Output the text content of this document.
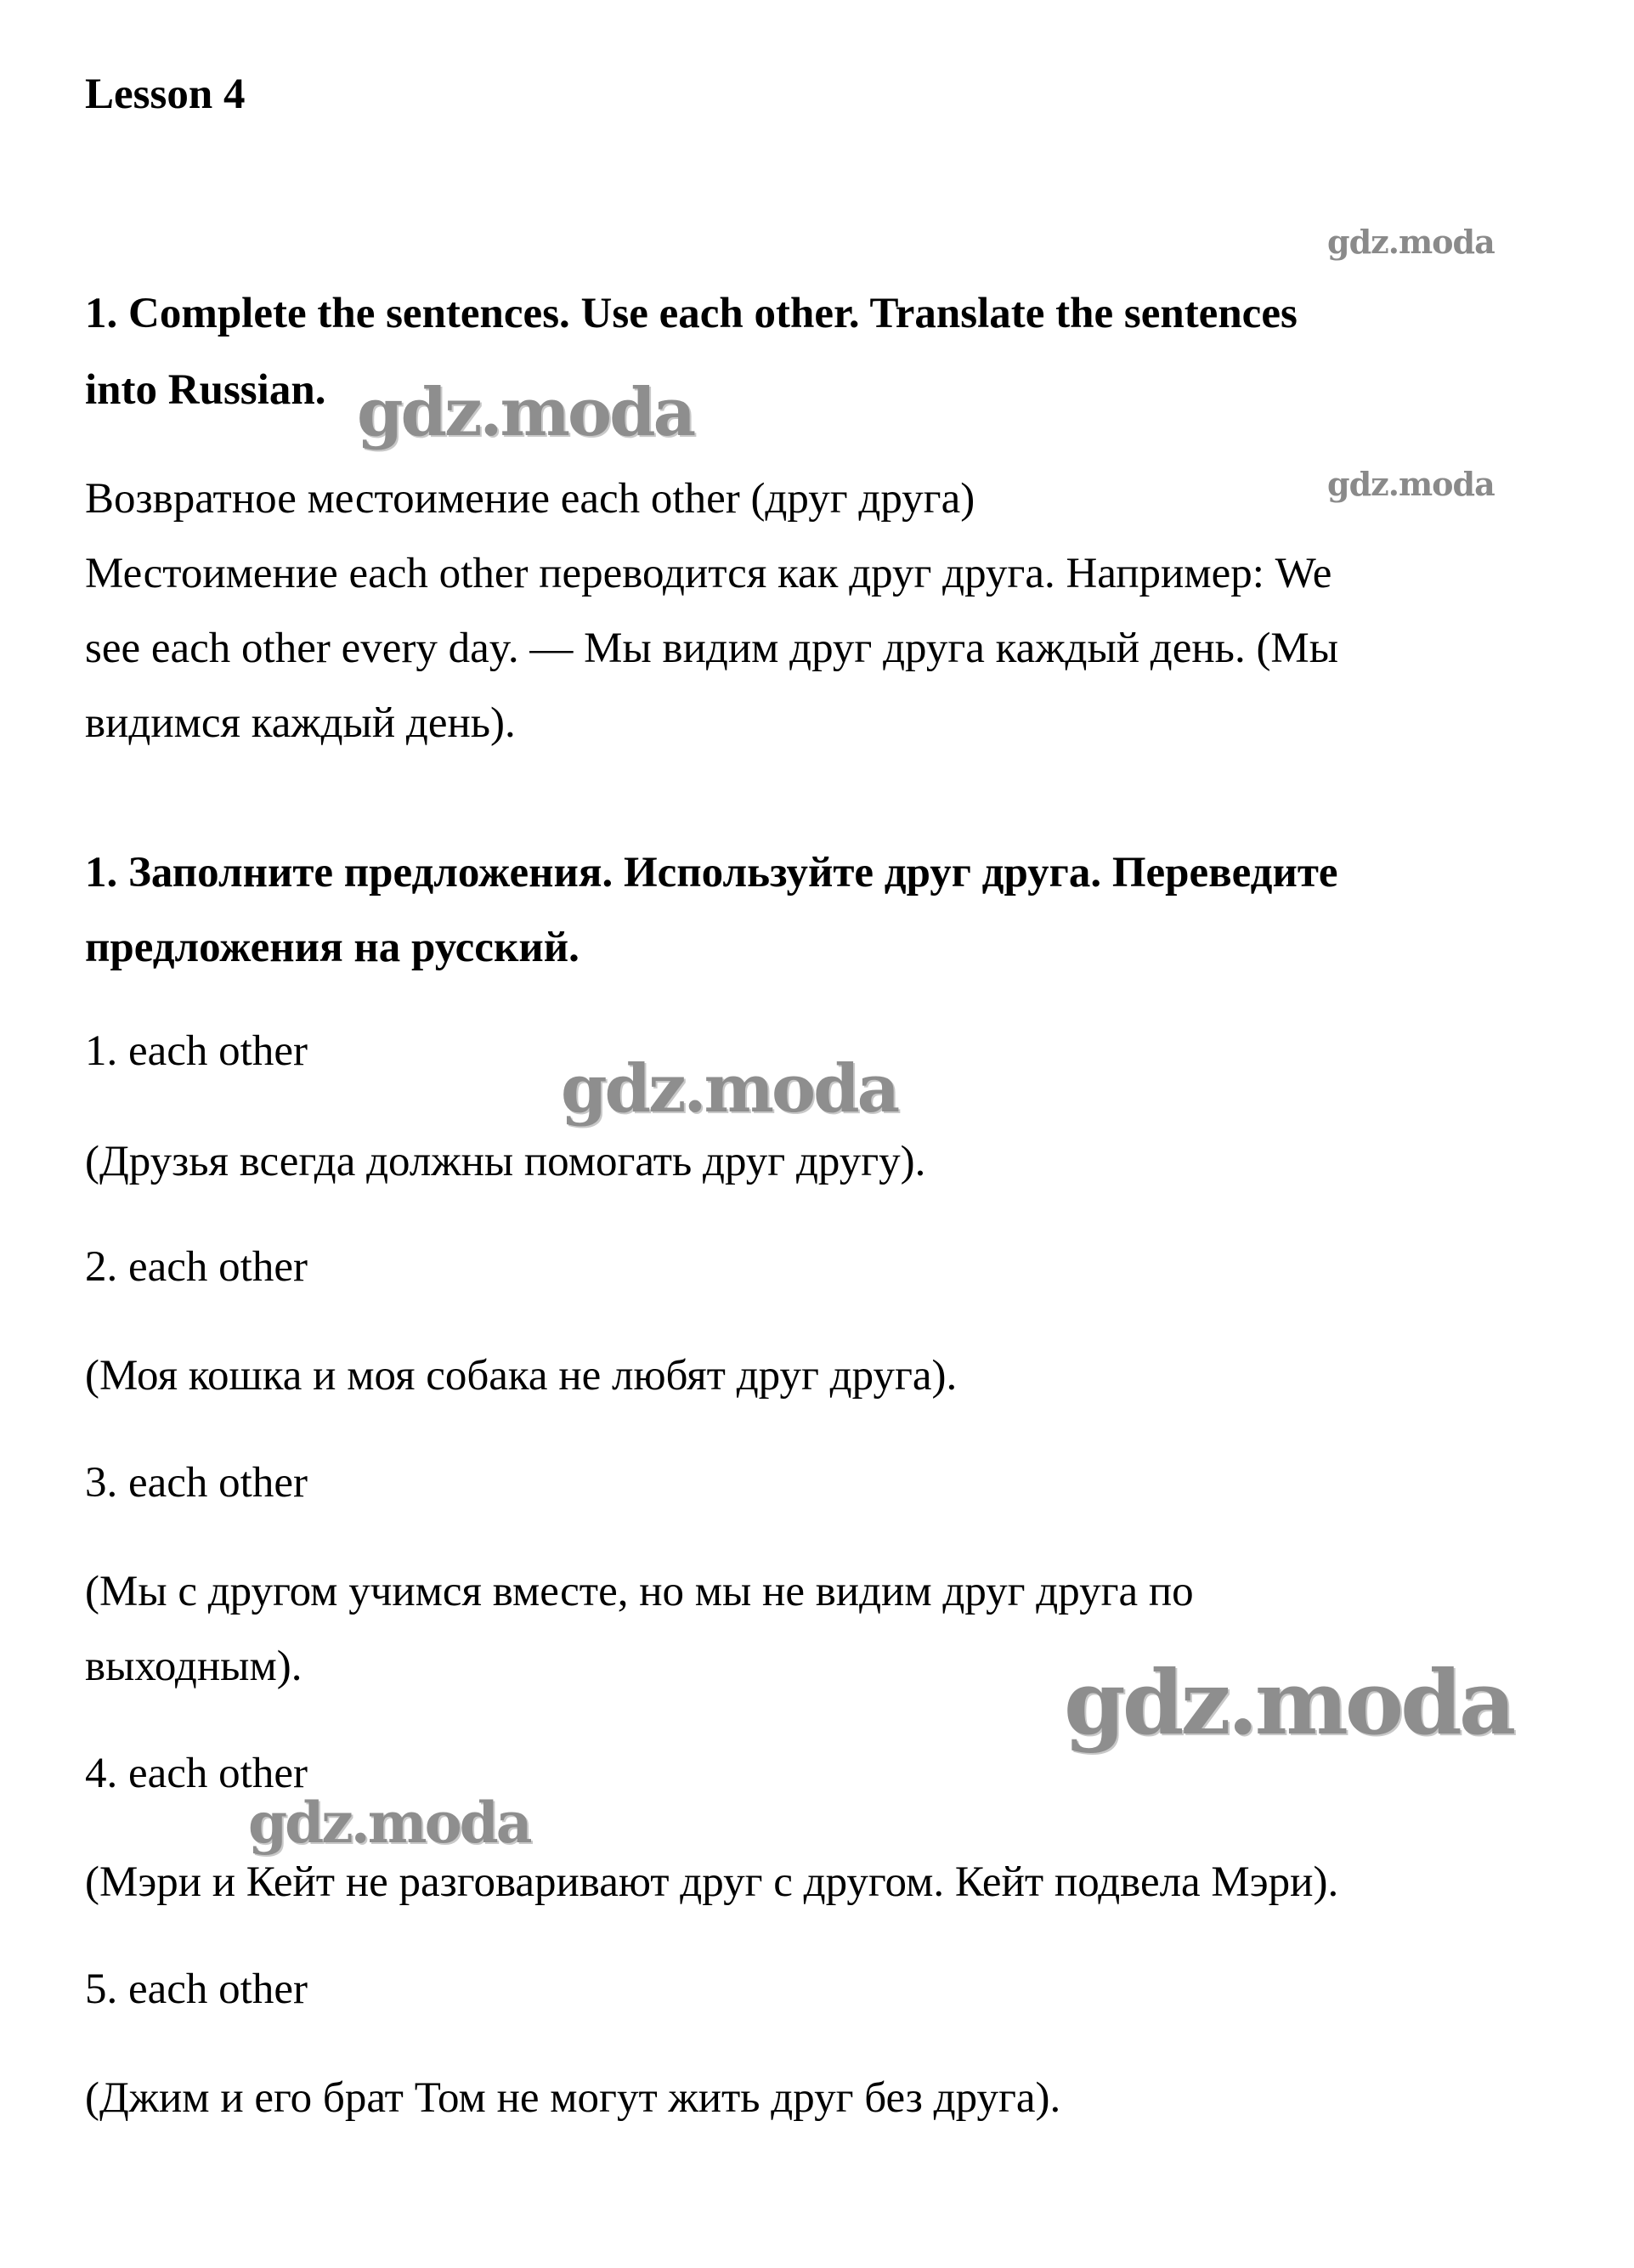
Lesson 4

1. Complete the sentences. Use each other. Translate the sentences

into Russian.

Возвратное местоимение each other (друг друга)

Местоимение each other переводится как друг друга. Например: We

see each other every day. — Мы видим друг друга каждый день. (Мы

видимся каждый день).

1. Заполните предложения. Используйте друг друга. Переведите

предложения на русский.

1. each other

(Друзья всегда должны помогать друг другу).

2. each other

(Моя кошка и моя собака не любят друг друга).

3. each other

(Мы с другом учимся вместе, но мы не видим друг друга по

выходным).

4. each other

(Мэри и Кейт не разговаривают друг с другом. Кейт подвела Мэри).

5. each other

(Джим и его брат Том не могут жить друг без друга).

gdz.moda
gdz.moda
gdz.moda
gdz.moda
gdz.moda
gdz.moda
